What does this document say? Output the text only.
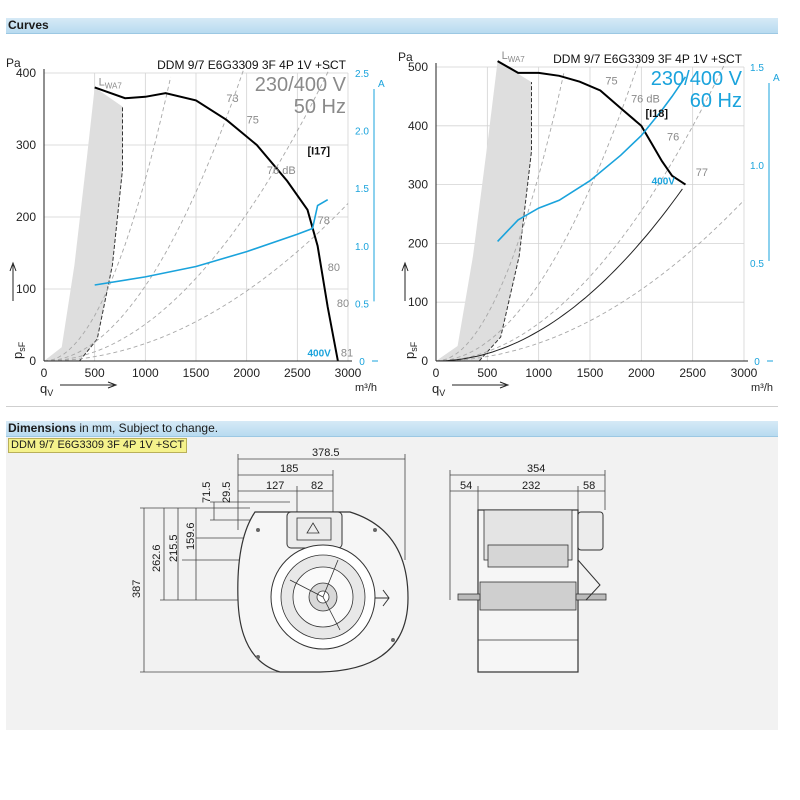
Curves
73
75
76 dB
78
80
80
81
0	500 1000 1500 2000 2500 3000
0
100
200
300
400
0
0.5
1.0
1.5
2.0
2.5
A
Pa
$p_{sF}$
$q_V$	m³/h
$L_{WA7}$
DDM 9/7 E6G3309 3F 4P 1V +SCT
230/400 V
50 Hz
[I17]
400V
75
76 dB
76
77
0	500 1000 1500 2000 2500 3000
0
100
200
300
400
500
0
0.5
1.0
1.5
A
Pa
$p_{sF}$
$q_V$	m³/h
$L_{WA7}$ DDM 9/7 E6G3309 3F 4P 1V +SCT
230/400 V
60 Hz
[I18]
400V
Dimensions in mm, Subject to change.
DDM 9/7 E6G3309 3F 4P 1V +SCT
378.5
185
127 82
71.5 29.5
387
262.6 215.5 159.6
354
54	232	58
